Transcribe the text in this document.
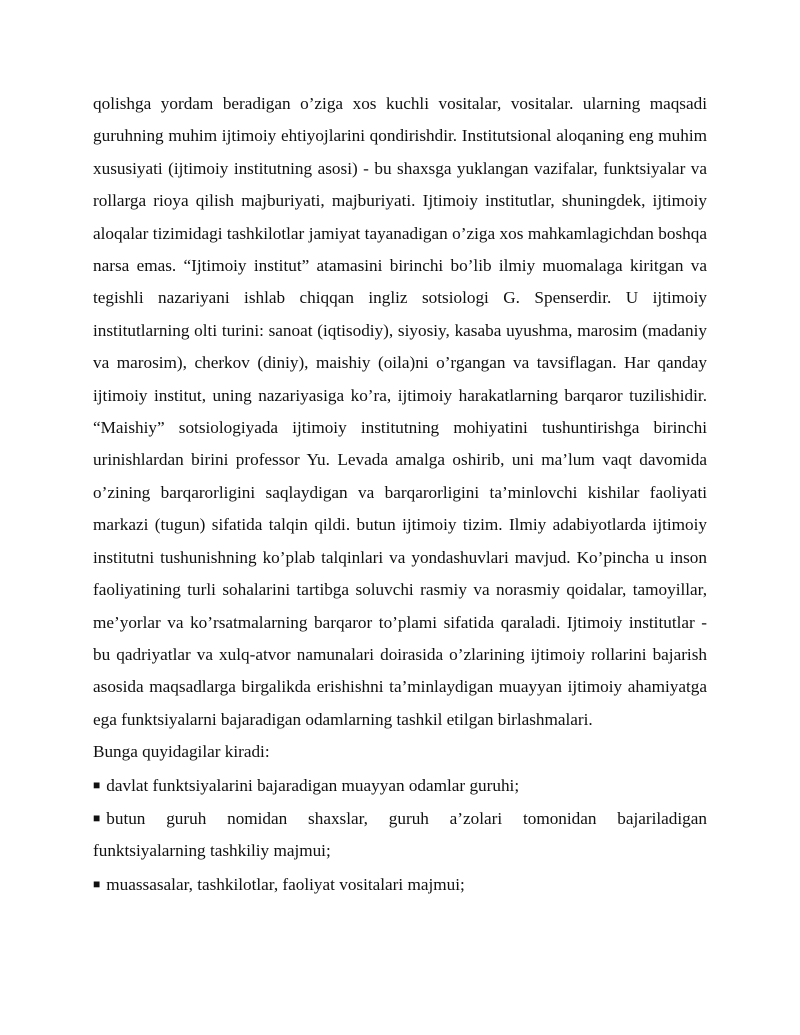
qolishga yordam beradigan o’ziga xos kuchli vositalar, vositalar. ularning maqsadi guruhning muhim ijtimoiy ehtiyojlarini qondirishdir. Institutsional aloqaning eng muhim xususiyati (ijtimoiy institutning asosi) - bu shaxsga yuklangan vazifalar, funktsiyalar va rollarga rioya qilish majburiyati, majburiyati. Ijtimoiy institutlar, shuningdek, ijtimoiy aloqalar tizimidagi tashkilotlar jamiyat tayanadigan o’ziga xos mahkamlagichdan boshqa narsa emas. “Ijtimoiy institut” atamasini birinchi bo’lib ilmiy muomalaga kiritgan va tegishli nazariyani ishlab chiqqan ingliz sotsiologi G. Spenserdir. U ijtimoiy institutlarning olti turini: sanoat (iqtisodiy), siyosiy, kasaba uyushma, marosim (madaniy va marosim), cherkov (diniy), maishiy (oila)ni o’rgangan va tavsiflagan. Har qanday ijtimoiy institut, uning nazariyasiga ko’ra, ijtimoiy harakatlarning barqaror tuzilishidir. “Maishiy” sotsiologiyada ijtimoiy institutning mohiyatini tushuntirishga birinchi urinishlardan birini professor Yu. Levada amalga oshirib, uni ma’lum vaqt davomida o’zining barqarorligini saqlaydigan va barqarorligini ta’minlovchi kishilar faoliyati markazi (tugun) sifatida talqin qildi. butun ijtimoiy tizim. Ilmiy adabiyotlarda ijtimoiy institutni tushunishning ko’plab talqinlari va yondashuvlari mavjud. Ko’pincha u inson faoliyatining turli sohalarini tartibga soluvchi rasmiy va norasmiy qoidalar, tamoyillar, me’yorlar va ko’rsatmalarning barqaror to’plami sifatida qaraladi. Ijtimoiy institutlar - bu qadriyatlar va xulq-atvor namunalari doirasida o’zlarining ijtimoiy rollarini bajarish asosida maqsadlarga birgalikda erishishni ta’minlaydigan muayyan ijtimoiy ahamiyatga ega funktsiyalarni bajaradigan odamlarning tashkil etilgan birlashmalari.

Bunga quyidagilar kiradi:

■ davlat funktsiyalarini bajaradigan muayyan odamlar guruhi;
■ butun guruh nomidan shaxslar, guruh a’zolari tomonidan bajariladigan funktsiyalarning tashkiliy majmui;
■ muassasalar, tashkilotlar, faoliyat vositalari majmui;
